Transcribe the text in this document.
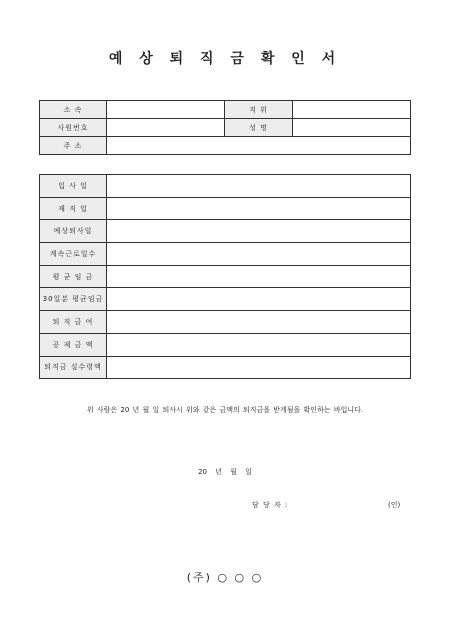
예 상 퇴 직 금 확 인 서
소 속		직 위	
사원번호		성 명	
주 소			
입 사 일	
재 직 일	
예상퇴사일	
계속근로일수	
평 균 임 금	
30일분 평균임금	
퇴 직 금 여	
공 제 금 액	
퇴직금 실수령액	
위 사람은 20 년 월 일 퇴사시 위와 같은 금액의 퇴직금을 받게됨을 확인하는 바입니다.
20 년 월 일
담 당 자 :	(인)
(주) ○ ○ ○
